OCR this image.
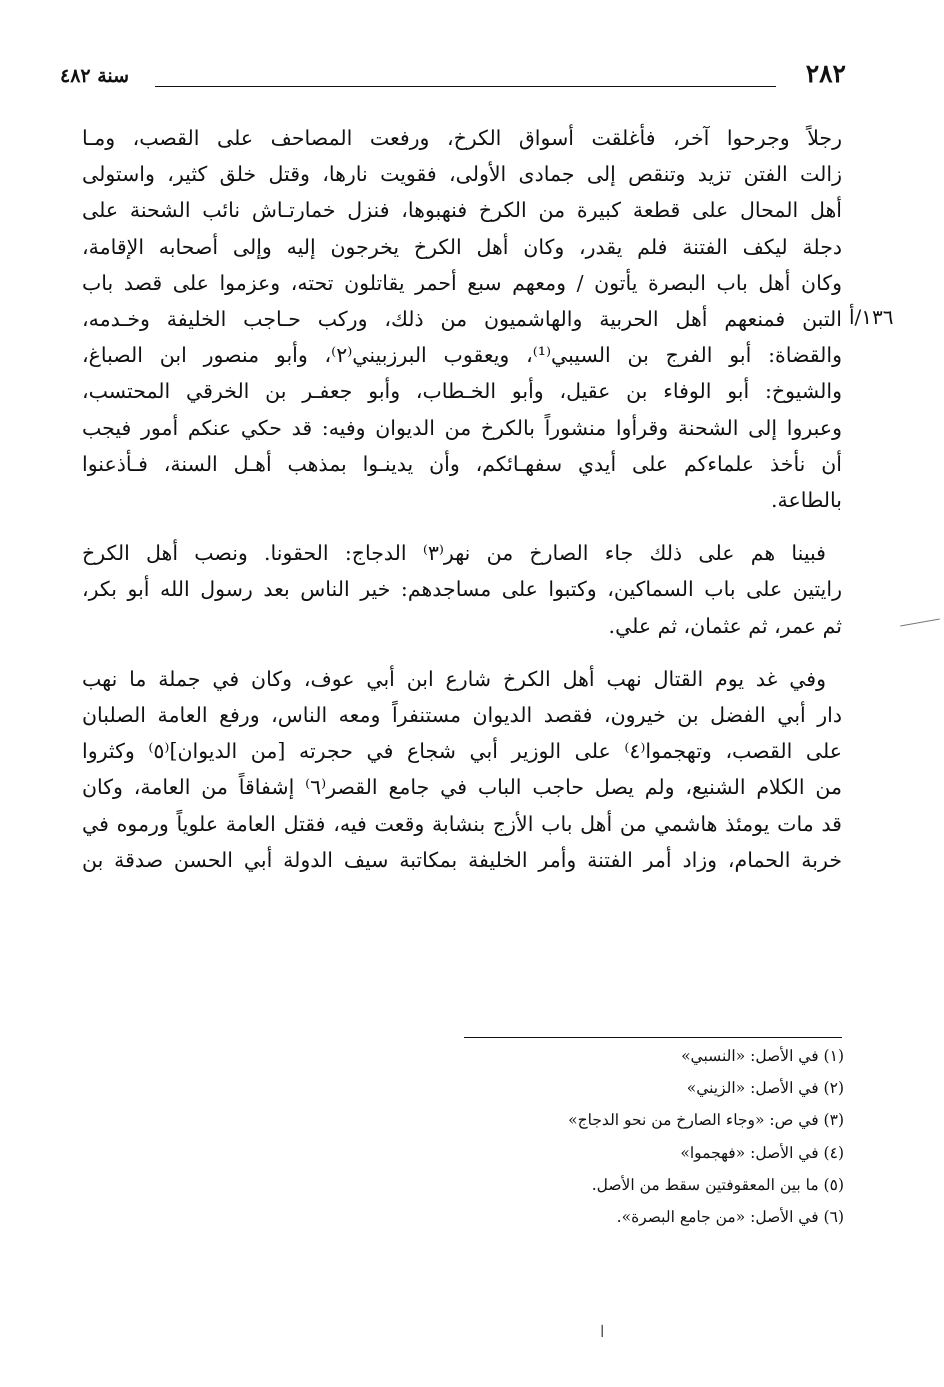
٢٨٢
سنة ٤٨٢
١٣٦/أ

رجلاً وجرحوا آخر، فأغلقت أسواق الكرخ، ورفعت المصاحف على القصب، ومـا
زالت الفتن تزيد وتنقص إلى جمادى الأولى، فقويت نارها، وقتل خلق كثير، واستولى
أهل المحال على قطعة كبيرة من الكرخ فنهبوها، فنزل خمارتـاش نائب الشحنة على
دجلة ليكف الفتنة فلم يقدر، وكان أهل الكرخ يخرجون إليه وإلى أصحابه الإقامة،
وكان أهل باب البصرة يأتون / ومعهم سبع أحمر يقاتلون تحته، وعزموا على قصد باب
التبن فمنعهم أهل الحربية والهاشميون من ذلك، وركب حـاجب الخليفة وخـدمه،
والقضاة: أبو الفرج بن السيبي⁽¹⁾، ويعقوب البرزبيني⁽٢⁾، وأبو منصور ابن الصباغ،
والشيوخ: أبو الوفاء بن عقيل، وأبو الخـطاب، وأبو جعفـر بن الخرقي المحتسب،
وعبروا إلى الشحنة وقرأوا منشوراً بالكرخ من الديوان وفيه: قد حكي عنكم أمور فيجب
أن نأخذ علماءكم على أيدي سفهـائكم، وأن يدينـوا بمذهب أهـل السنة، فـأذعنوا
بالطاعة.

فبينا هم على ذلك جاء الصارخ من نهر⁽٣⁾ الدجاج: الحقونا. ونصب أهل الكرخ
رايتين على باب السماكين، وكتبوا على مساجدهم: خير الناس بعد رسول الله أبو بكر،
ثم عمر، ثم عثمان، ثم علي.

وفي غد يوم القتال نهب أهل الكرخ شارع ابن أبي عوف، وكان في جملة ما نهب
دار أبي الفضل بن خيرون، فقصد الديوان مستنفراً ومعه الناس، ورفع العامة الصلبان
على القصب، وتهجموا⁽٤⁾ على الوزير أبي شجاع في حجرته [من الديوان]⁽٥⁾ وكثروا
من الكلام الشنيع، ولم يصل حاجب الباب في جامع القصر⁽٦⁾ إشفاقاً من العامة، وكان
قد مات يومئذ هاشمي من أهل باب الأزج بنشابة وقعت فيه، فقتل العامة علوياً ورموه في
خربة الحمام، وزاد أمر الفتنة وأمر الخليفة بمكاتبة سيف الدولة أبي الحسن صدقة بن

(١) في الأصل: «النسبي»

(٢) في الأصل: «الزيني»

(٣) في ص: «وجاء الصارخ من نحو الدجاج»

(٤) في الأصل: «فهجموا»

(٥) ما بين المعقوفتين سقط من الأصل.

(٦) في الأصل: «من جامع البصرة».

ا
